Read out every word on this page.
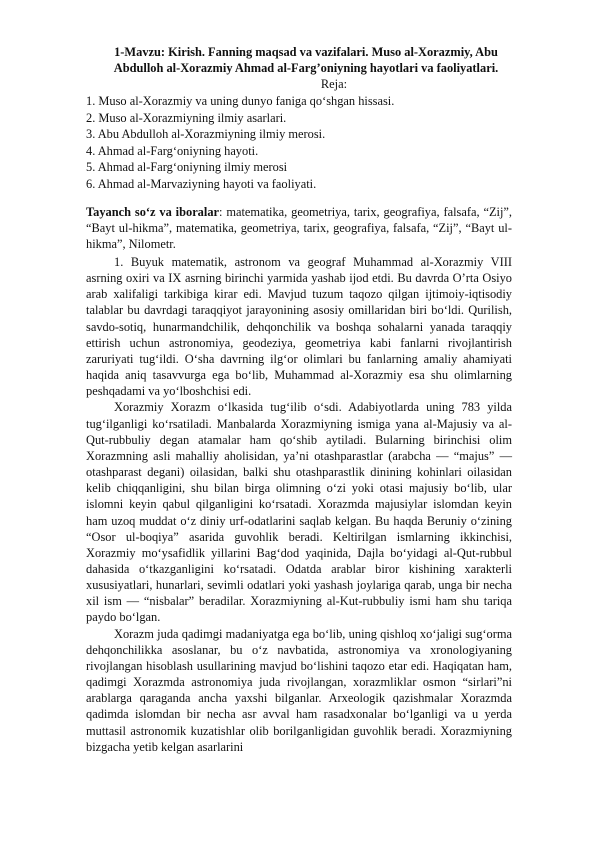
1-Mavzu: Kirish. Fanning maqsad va vazifalari. Muso al-Xorazmiy, Abu Abdulloh al-Xorazmiy Ahmad al-Farg’oniyning hayotlari va faoliyatlari.
Reja:
1. Muso al-Xorazmiy va uning dunyo faniga qo‘shgan hissasi.
2. Muso al-Xorazmiyning ilmiy asarlari.
3. Abu Abdulloh al-Xorazmiyning ilmiy merosi.
4. Ahmad al-Farg‘oniyning hayoti.
5. Ahmad al-Farg‘oniyning ilmiy merosi
6. Ahmad al-Marvaziyning hayoti va faoliyati.
Tayanch so‘z va iboralar: matematika, geometriya, tarix, geografiya, falsafa, “Zij”, “Bayt ul-hikma”, matematika, geometriya, tarix, geografiya, falsafa, “Zij”, “Bayt ul-hikma”, Nilometr.

1. Buyuk matematik, astronom va geograf Muhammad al-Xorazmiy VIII asrning oxiri va IX asrning birinchi yarmida yashab ijod etdi. Bu davrda O’rta Osiyo arab xalifaligi tarkibiga kirar edi. Mavjud tuzum taqozo qilgan ijtimoiy-iqtisodiy talablar bu davrdagi taraqqiyot jarayonining asosiy omillaridan biri bo‘ldi. Qurilish, savdo-sotiq, hunarmandchilik, dehqonchilik va boshqa sohalarni yanada taraqqiy ettirish uchun astronomiya, geodeziya, geometriya kabi fanlarni rivojlantirish zaruriyati tug‘ildi. O‘sha davrning ilg‘or olimlari bu fanlarning amaliy ahamiyati haqida aniq tasavvurga ega bo‘lib, Muhammad al-Xorazmiy esa shu olimlarning peshqadami va yo‘lboshchisi edi.

Xorazmiy Xorazm o‘lkasida tug‘ilib o‘sdi. Adabiyotlarda uning 783 yilda tug‘ilganligi ko‘rsatiladi. Manbalarda Xorazmiyning ismiga yana al-Majusiy va al-Qut-rubbuliy degan atamalar ham qo‘shib aytiladi. Bularning birinchisi olim Xorazmning asli mahalliy aholisidan, ya’ni otashparastlar (arabcha — “majus” — otashparast degani) oilasidan, balki shu otashparastlik dinining kohinlari oilasidan kelib chiqqanligini, shu bilan birga olimning o‘zi yoki otasi majusiy bo‘lib, ular islomni keyin qabul qilganligini ko‘rsatadi. Xorazmda majusiylar islomdan keyin ham uzoq muddat o‘z diniy urf-odatlarini saqlab kelgan. Bu haqda Beruniy o‘zining “Osor ul-boqiya” asarida guvohlik beradi. Keltirilgan ismlarning ikkinchisi, Xorazmiy mo‘ysafidlik yillarini Bag‘dod yaqinida, Dajla bo‘yidagi al-Qut-rubbul dahasida o‘tkazganligini ko‘rsatadi. Odatda arablar biror kishining xarakterli xususiyatlari, hunarlari, sevimli odatlari yoki yashash joylariga qarab, unga bir necha xil ism — “nisbalar” beradilar. Xorazmiyning al-Kut-rubbuliy ismi ham shu tariqa paydo bo‘lgan.

Xorazm juda qadimgi madaniyatga ega bo‘lib, uning qishloq xo‘jaligi sug‘orma dehqonchilikka asoslanar, bu o‘z navbatida, astronomiya va xronologiyaning rivojlangan hisoblash usullarining mavjud bo‘lishini taqozo etar edi. Haqiqatan ham, qadimgi Xorazmda astronomiya juda rivojlangan, xorazmliklar osmon “sirlari”ni arablarga qaraganda ancha yaxshi bilganlar. Arxeologik qazishmalar Xorazmda qadimda islomdan bir necha asr avval ham rasadxonalar bo‘lganligi va u yerda muttasil astronomik kuzatishlar olib borilganligidan guvohlik beradi. Xorazmiyning bizgacha yetib kelgan asarlarini
